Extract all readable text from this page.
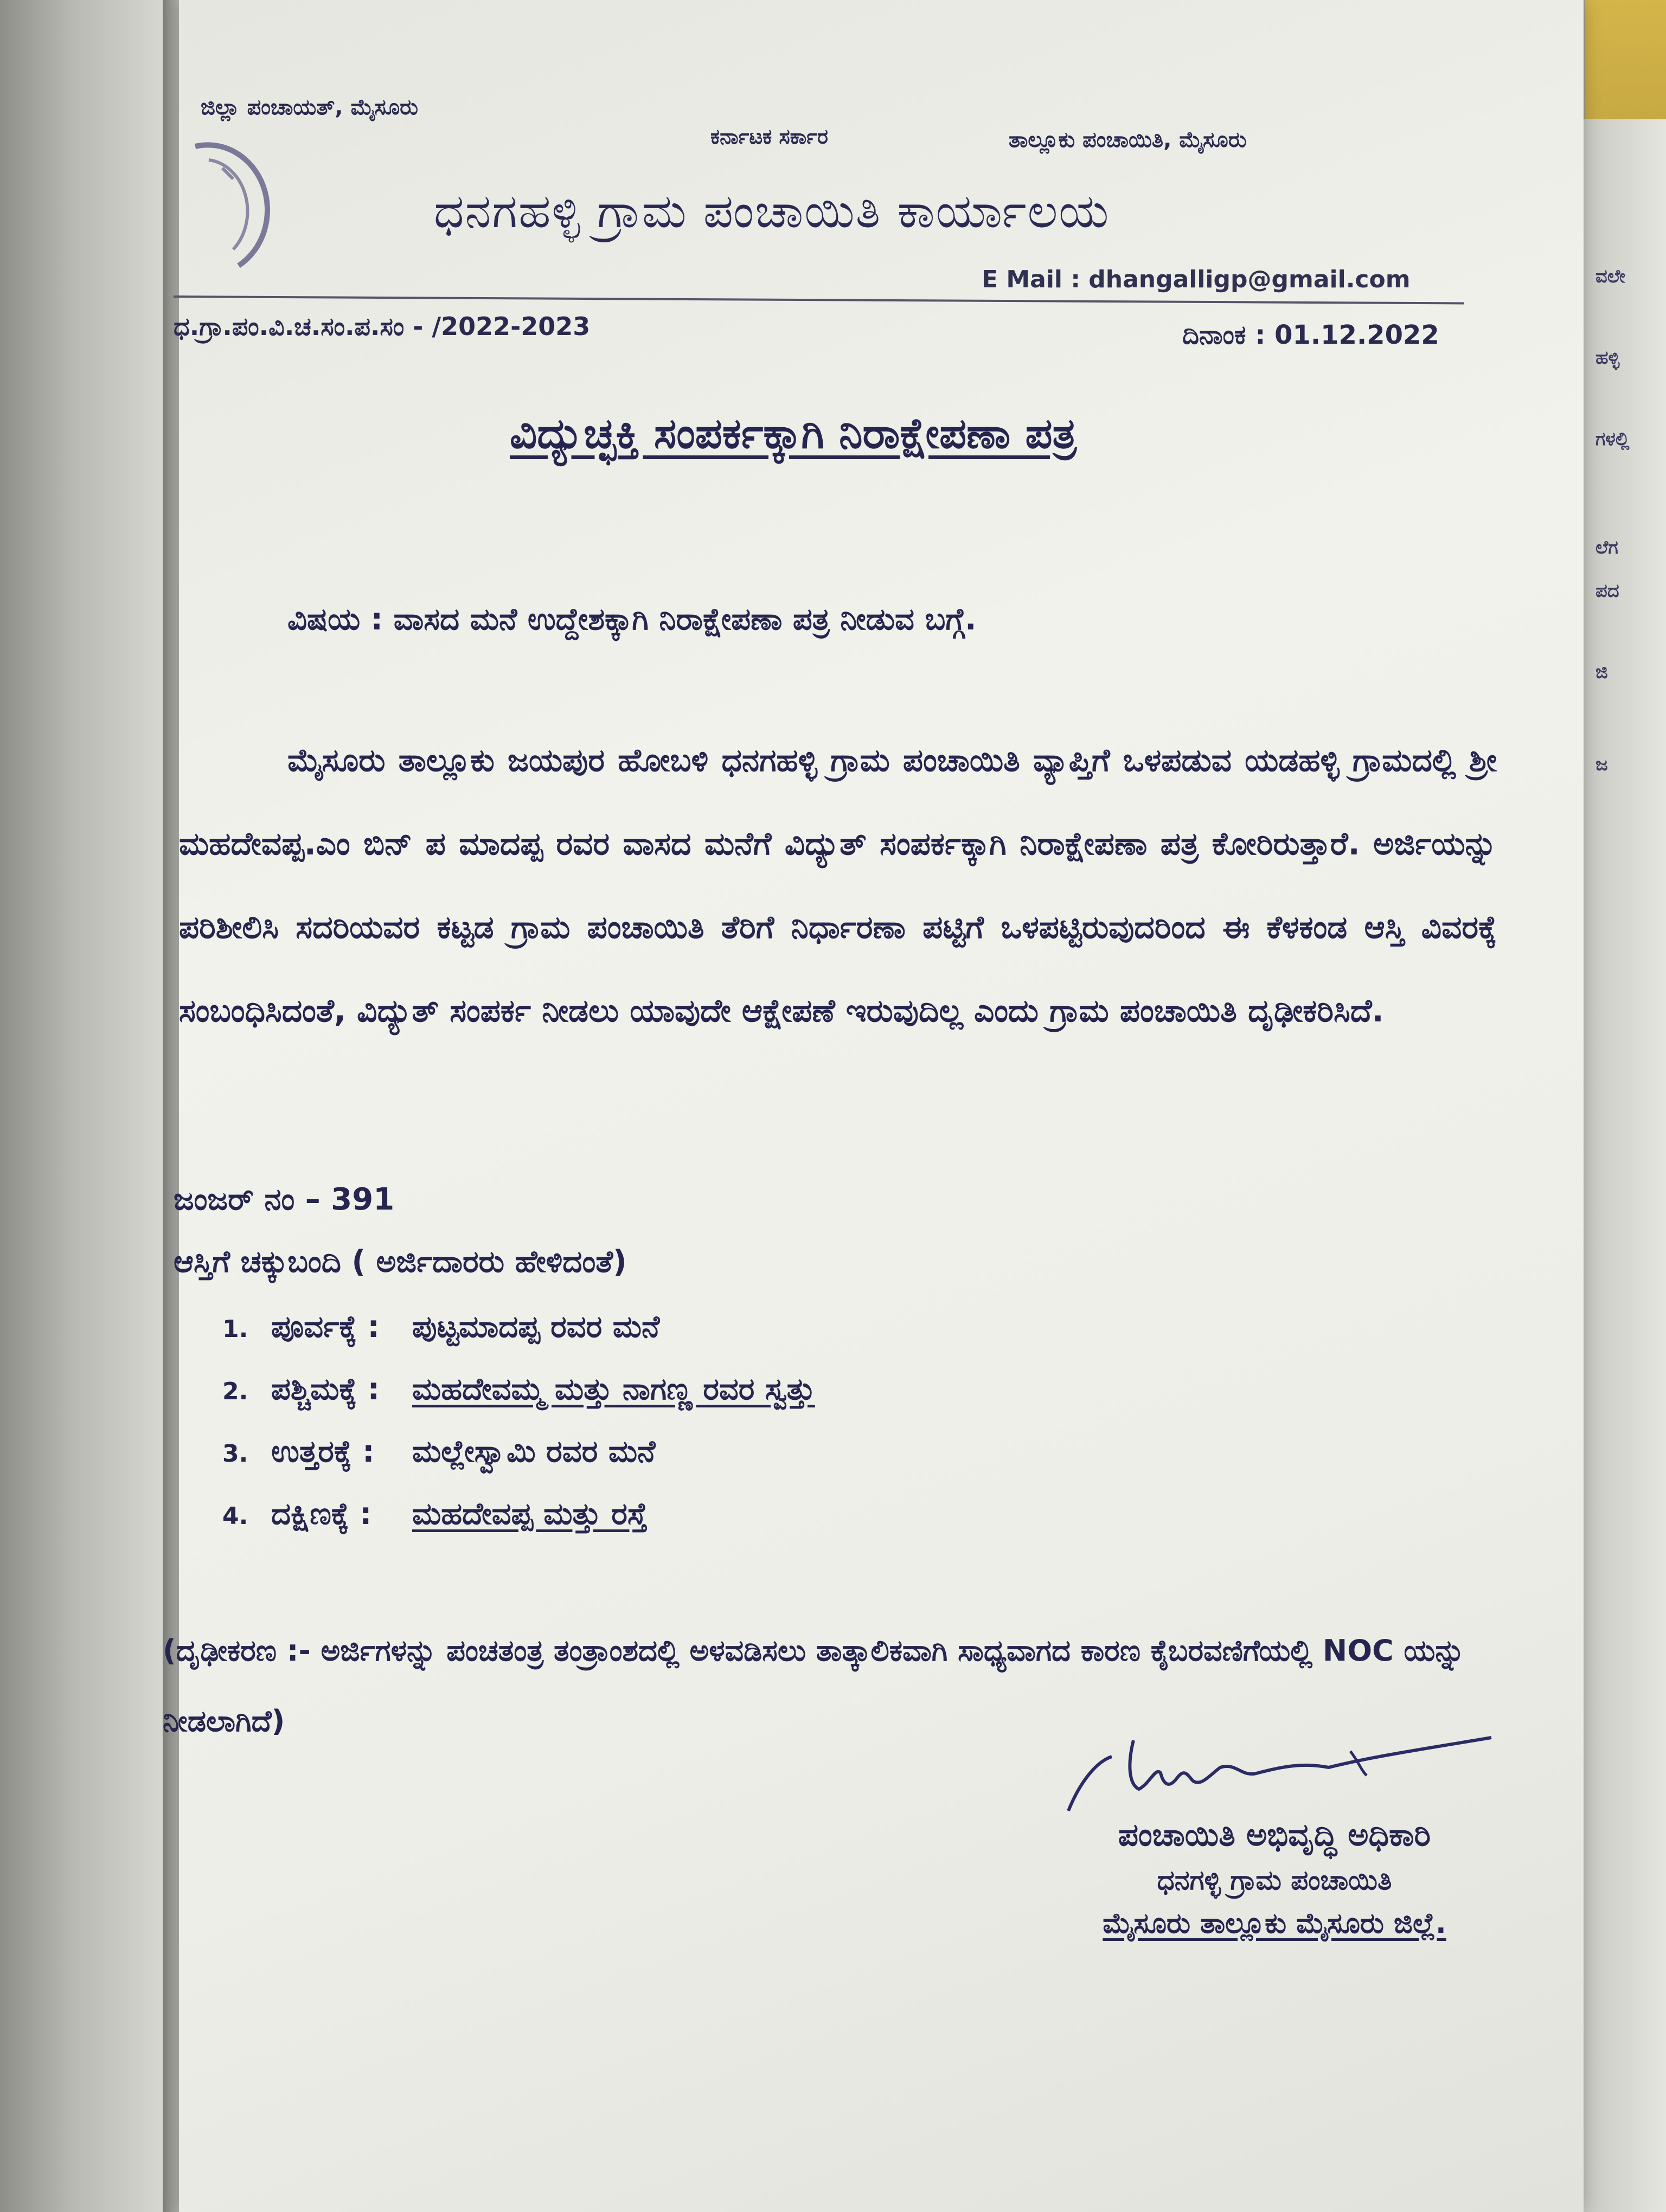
ವಲೇ
ಹಳ್ಳಿ
ಗಳಲ್ಲಿ
ಲೆಗ
ಪದ
ಜಿ
ಜ
ಜಿಲ್ಲಾ ಪಂಚಾಯತ್, ಮೈಸೂರು
ಕರ್ನಾಟಕ ಸರ್ಕಾರ	ತಾಲ್ಲೂಕು ಪಂಚಾಯಿತಿ, ಮೈಸೂರು
ಧನಗಹಳ್ಳಿ ಗ್ರಾಮ ಪಂಚಾಯಿತಿ ಕಾರ್ಯಾಲಯ
E Mail : dhangalligp@gmail.com
ಧ.ಗ್ರಾ.ಪಂ.ವಿ.ಚ.ಸಂ.ಪ.ಸಂ - /2022-2023	ದಿನಾಂಕ : 01.12.2022
ವಿದ್ಯುಚ್ಛಕ್ತಿ ಸಂಪರ್ಕಕ್ಕಾಗಿ ನಿರಾಕ್ಷೇಪಣಾ ಪತ್ರ
ವಿಷಯ : ವಾಸದ ಮನೆ ಉದ್ದೇಶಕ್ಕಾಗಿ ನಿರಾಕ್ಷೇಪಣಾ ಪತ್ರ ನೀಡುವ ಬಗ್ಗೆ.
ಮೈಸೂರು ತಾಲ್ಲೂಕು ಜಯಪುರ ಹೋಬಳಿ ಧನಗಹಳ್ಳಿ ಗ್ರಾಮ ಪಂಚಾಯಿತಿ ವ್ಯಾಪ್ತಿಗೆ ಒಳಪಡುವ ಯಡಹಳ್ಳಿ ಗ್ರಾಮದಲ್ಲಿ ಶ್ರೀ ಮಹದೇವಪ್ಪ.ಎಂ ಬಿನ್ ಪ ಮಾದಪ್ಪ ರವರ ವಾಸದ ಮನೆಗೆ ವಿದ್ಯುತ್ ಸಂಪರ್ಕಕ್ಕಾಗಿ ನಿರಾಕ್ಷೇಪಣಾ ಪತ್ರ ಕೋರಿರುತ್ತಾರೆ. ಅರ್ಜಿಯನ್ನು ಪರಿಶೀಲಿಸಿ ಸದರಿಯವರ ಕಟ್ಟಡ ಗ್ರಾಮ ಪಂಚಾಯಿತಿ ತೆರಿಗೆ ನಿರ್ಧಾರಣಾ ಪಟ್ಟಿಗೆ ಒಳಪಟ್ಟಿರುವುದರಿಂದ ಈ ಕೆಳಕಂಡ ಆಸ್ತಿ ವಿವರಕ್ಕೆ ಸಂಬಂಧಿಸಿದಂತೆ, ವಿದ್ಯುತ್ ಸಂಪರ್ಕ ನೀಡಲು ಯಾವುದೇ ಆಕ್ಷೇಪಣೆ ಇರುವುದಿಲ್ಲ ಎಂದು ಗ್ರಾಮ ಪಂಚಾಯಿತಿ ದೃಢೀಕರಿಸಿದೆ.
ಜಂಜರ್ ನಂ – 391
ಆಸ್ತಿಗೆ ಚಕ್ಕುಬಂದಿ ( ಅರ್ಜಿದಾರರು ಹೇಳಿದಂತೆ)
1. ಪೂರ್ವಕ್ಕೆ : ಪುಟ್ಟಮಾದಪ್ಪ ರವರ ಮನೆ
2. ಪಶ್ಚಿಮಕ್ಕೆ : ಮಹದೇವಮ್ಮ ಮತ್ತು ನಾಗಣ್ಣ ರವರ ಸ್ವತ್ತು
3. ಉತ್ತರಕ್ಕೆ : ಮಲ್ಲೇಸ್ವಾಮಿ ರವರ ಮನೆ
4. ದಕ್ಷಿಣಕ್ಕೆ : ಮಹದೇವಪ್ಪ ಮತ್ತು ರಸ್ತೆ
(ದೃಢೀಕರಣ :- ಅರ್ಜಿಗಳನ್ನು ಪಂಚತಂತ್ರ ತಂತ್ರಾಂಶದಲ್ಲಿ ಅಳವಡಿಸಲು ತಾತ್ಕಾಲಿಕವಾಗಿ ಸಾಧ್ಯವಾಗದ ಕಾರಣ ಕೈಬರವಣಿಗೆಯಲ್ಲಿ NOC ಯನ್ನು ನೀಡಲಾಗಿದೆ)
ಪಂಚಾಯಿತಿ ಅಭಿವೃದ್ಧಿ ಅಧಿಕಾರಿ
ಧನಗಳ್ಳಿ ಗ್ರಾಮ ಪಂಚಾಯಿತಿ
ಮೈಸೂರು ತಾಲ್ಲೂಕು ಮೈಸೂರು ಜಿಲ್ಲೆ.
